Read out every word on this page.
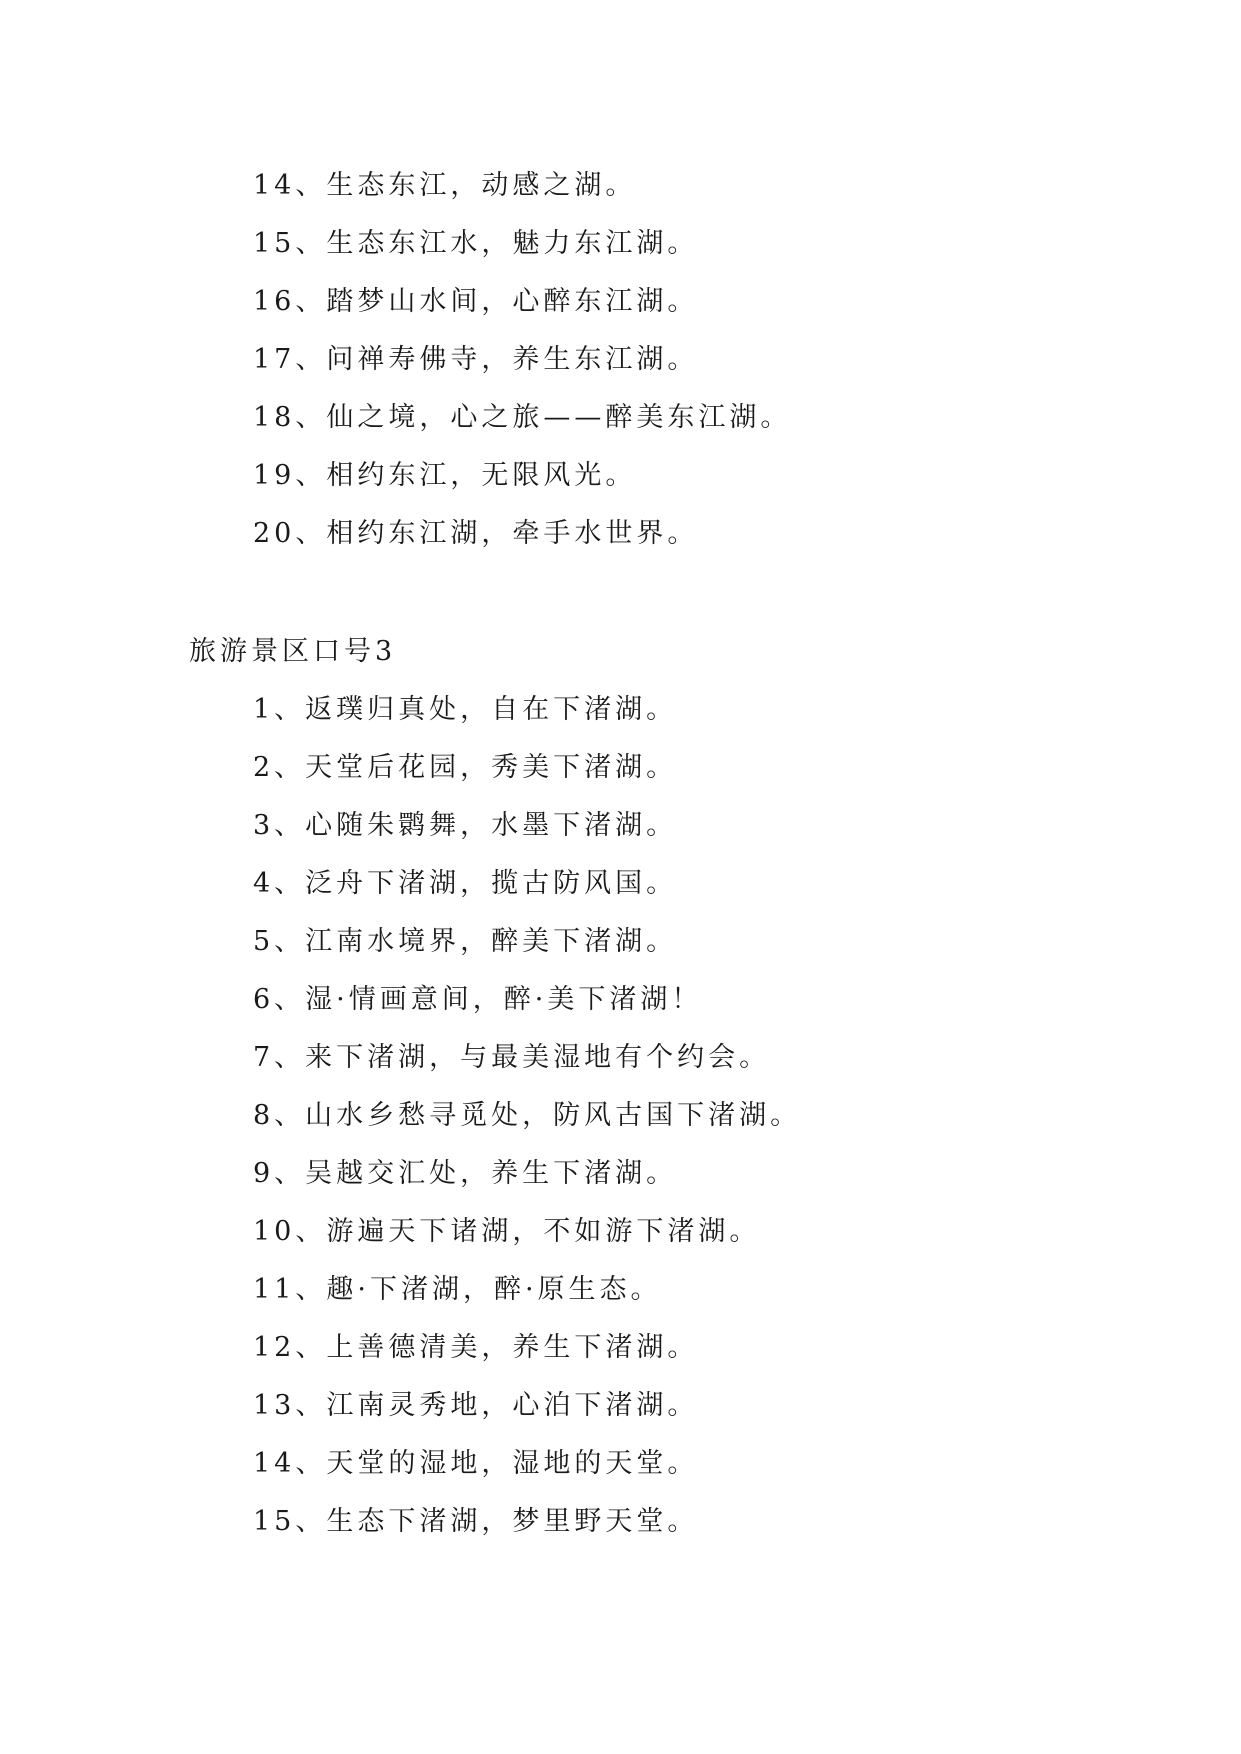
14、生态东江，动感之湖。
15、生态东江水，魅力东江湖。
16、踏梦山水间，心醉东江湖。
17、问禅寿佛寺，养生东江湖。
18、仙之境，心之旅——醉美东江湖。
19、相约东江，无限风光。
20、相约东江湖，牵手水世界。
旅游景区口号3
1、返璞归真处，自在下渚湖。
2、天堂后花园，秀美下渚湖。
3、心随朱鹮舞，水墨下渚湖。
4、泛舟下渚湖，揽古防风国。
5、江南水境界，醉美下渚湖。
6、湿·情画意间，醉·美下渚湖！
7、来下渚湖，与最美湿地有个约会。
8、山水乡愁寻觅处，防风古国下渚湖。
9、吴越交汇处，养生下渚湖。
10、游遍天下诸湖，不如游下渚湖。
11、趣·下渚湖，醉·原生态。
12、上善德清美，养生下渚湖。
13、江南灵秀地，心泊下渚湖。
14、天堂的湿地，湿地的天堂。
15、生态下渚湖，梦里野天堂。
